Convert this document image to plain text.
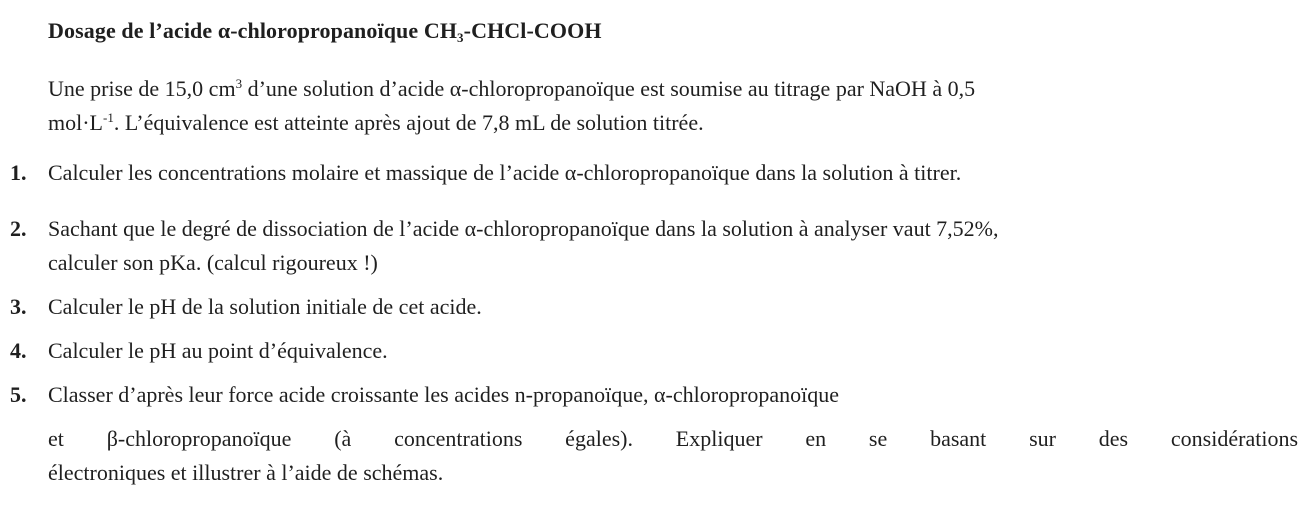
Dosage de l’acide α-chloropropanoïque $CH_3-CHCl$-COOH
Une prise de 15,0 $cm^3$ d’une solution d’acide α-chloropropanoïque est soumise au titrage par NaOH à 0,5
$mol\cdot L^{-1}$. L’équivalence est atteinte après ajout de 7,8 mL de solution titrée.
1. Calculer les concentrations molaire et massique de l’acide α-chloropropanoïque dans la solution à titrer.
2. Sachant que le degré de dissociation de l’acide α-chloropropanoïque dans la solution à analyser vaut 7,52%,
calculer son pKa. (calcul rigoureux !)
3. Calculer le pH de la solution initiale de cet acide.
4. Calculer le pH au point d’équivalence.
5. Classer d’après leur force acide croissante les acides n-propanoïque, α-chloropropanoïque
et β-chloropropanoïque (à concentrations égales). Expliquer en se basant sur des considérations
électroniques et illustrer à l’aide de schémas.
